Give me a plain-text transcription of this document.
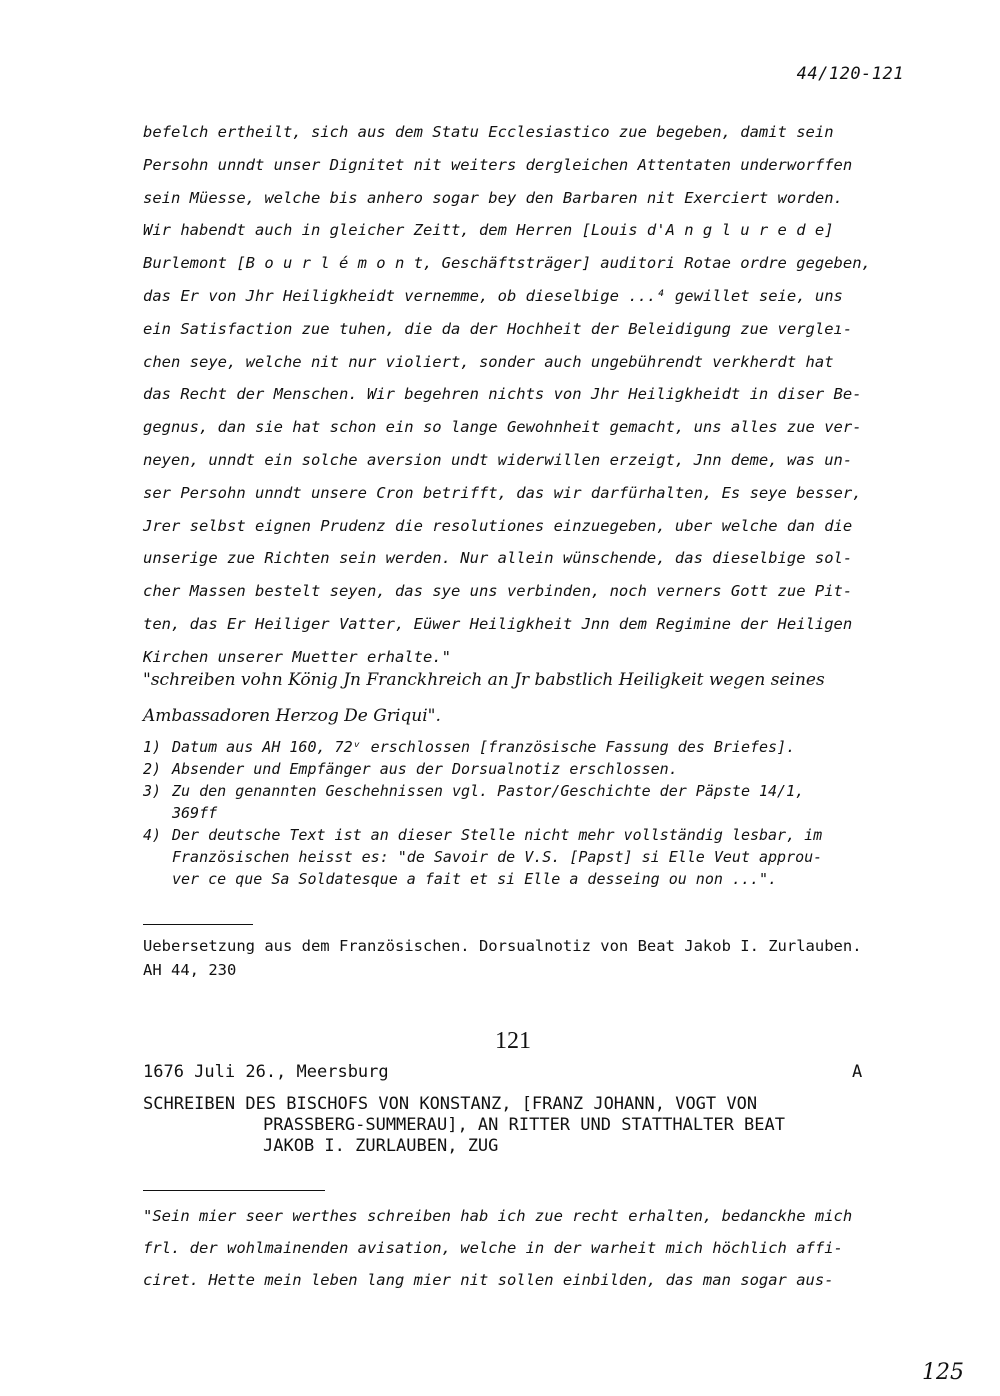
44/120-121
befelch ertheilt, sich aus dem Statu Ecclesiastico zue begeben, damit sein
Persohn unndt unser Dignitet nit weiters dergleichen Attentaten underworffen
sein Müesse, welche bis anhero sogar bey den Barbaren nit Exerciert worden.
Wir habendt auch in gleicher Zeitt, dem Herren [Louis d'A n g l u r e d e]
Burlemont [B o u r l é m o n t, Geschäftsträger] auditori Rotae ordre gegeben,
das Er von Jhr Heiligkheidt vernemme, ob dieselbige ...⁴ gewillet seie, uns
ein Satisfaction zue tuhen, die da der Hochheit der Beleidigung zue vergleı-
chen seye, welche nit nur violiert, sonder auch ungebührendt verkherdt hat
das Recht der Menschen. Wir begehren nichts von Jhr Heiligkheidt in diser Be-
gegnus, dan sie hat schon ein so lange Gewohnheit gemacht, uns alles zue ver-
neyen, unndt ein solche aversion undt widerwillen erzeigt, Jnn deme, was un-
ser Persohn unndt unsere Cron betrifft, das wir darfürhalten, Es seye besser,
Jrer selbst eignen Prudenz die resolutiones einzuegeben, uber welche dan die
unserige zue Richten sein werden. Nur allein wünschende, das dieselbige sol-
cher Massen bestelt seyen, das sye uns verbinden, noch verners Gott zue Pit-
ten, das Er Heiliger Vatter, Eüwer Heiligkheit Jnn dem Regimine der Heiligen
Kirchen unserer Muetter erhalte."
"schreiben vohn König Jn Franckhreich an Jr babstlich Heiligkeit wegen seines
Ambassadoren Herzog De Griqui".
1) Datum aus AH 160, 72ᵛ erschlossen [französische Fassung des Briefes].
2) Absender und Empfänger aus der Dorsualnotiz erschlossen.
3) Zu den genannten Geschehnissen vgl. Pastor/Geschichte der Päpste 14/1,
369ff
4) Der deutsche Text ist an dieser Stelle nicht mehr vollständig lesbar, im
Französischen heisst es: "de Savoir de V.S. [Papst] si Elle Veut approu-
ver ce que Sa Soldatesque a fait et si Elle a desseing ou non ...".
Uebersetzung aus dem Französischen. Dorsualnotiz von Beat Jakob I. Zurlauben.
AH 44, 230
121
1676 Juli 26., Meersburg	A
SCHREIBEN DES BISCHOFS VON KONSTANZ, [FRANZ JOHANN, VOGT VON
PRASSBERG-SUMMERAU], AN RITTER UND STATTHALTER BEAT
JAKOB I. ZURLAUBEN, ZUG
"Sein mier seer werthes schreiben hab ich zue recht erhalten, bedanckhe mich
frl. der wohlmainenden avisation, welche in der warheit mich höchlich affi-
ciret. Hette mein leben lang mier nit sollen einbilden, das man sogar aus-
125
